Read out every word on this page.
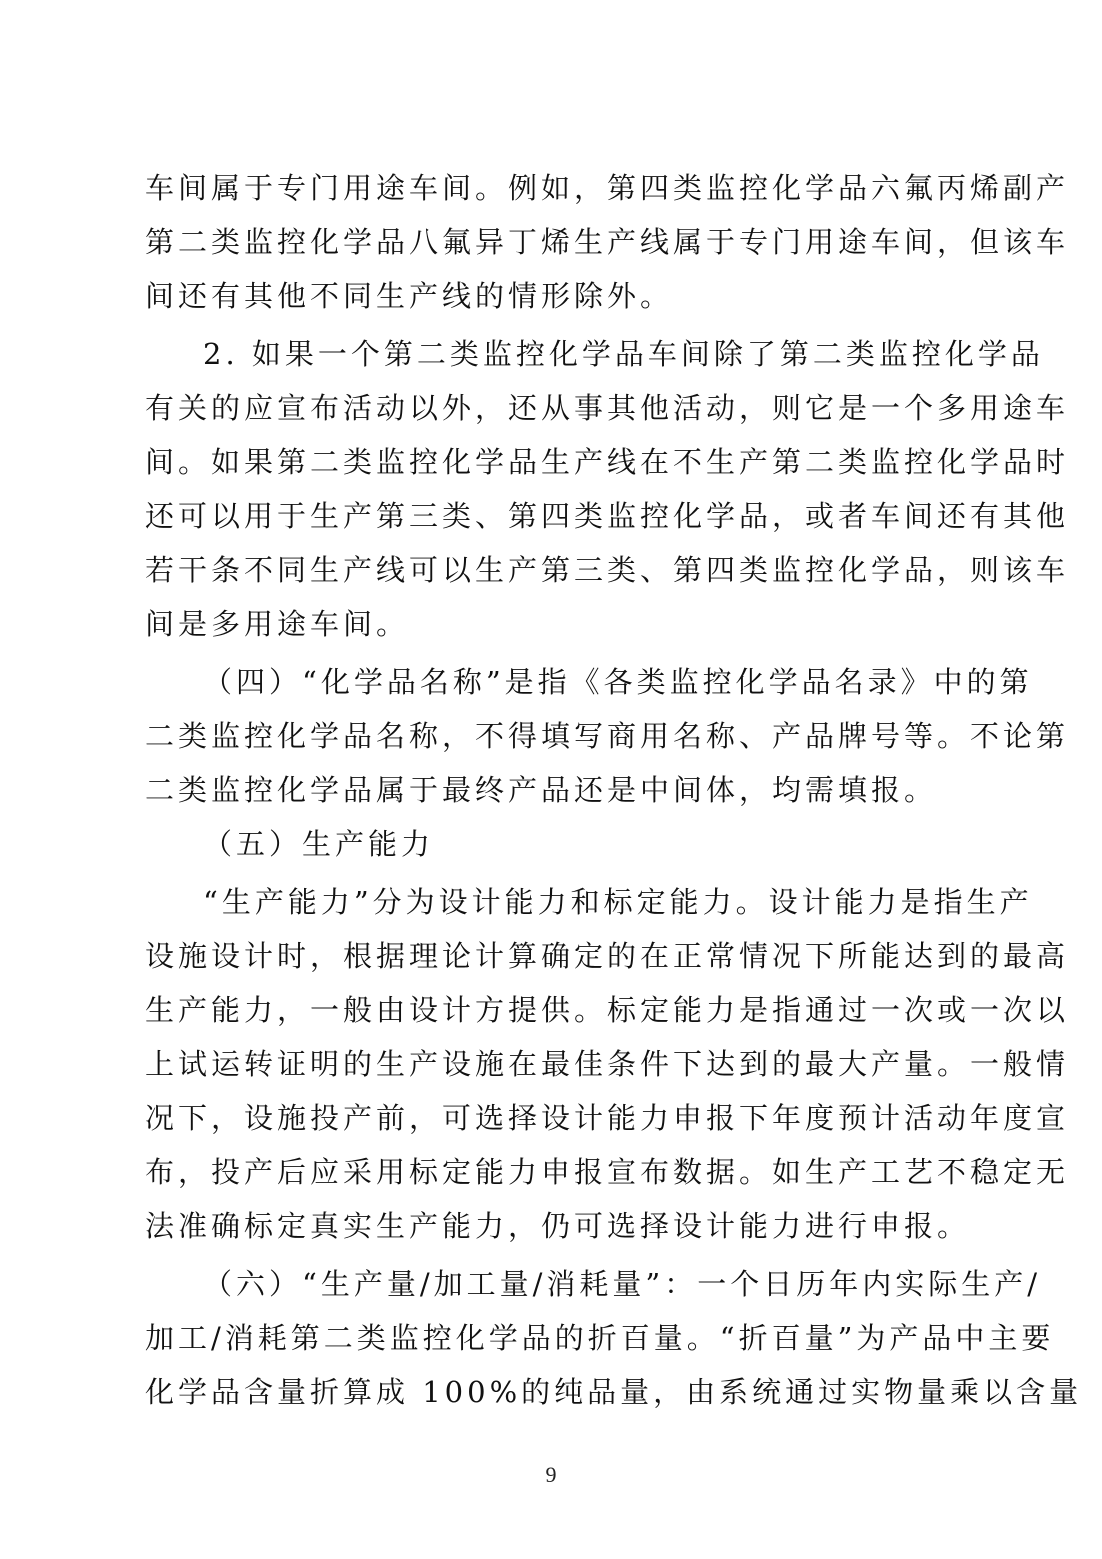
车间属于专门用途车间。例如，第四类监控化学品六氟丙烯副产
第二类监控化学品八氟异丁烯生产线属于专门用途车间，但该车
间还有其他不同生产线的情形除外。
2. 如果一个第二类监控化学品车间除了第二类监控化学品
有关的应宣布活动以外，还从事其他活动，则它是一个多用途车
间。如果第二类监控化学品生产线在不生产第二类监控化学品时
还可以用于生产第三类、第四类监控化学品，或者车间还有其他
若干条不同生产线可以生产第三类、第四类监控化学品，则该车
间是多用途车间。
（四）“化学品名称”是指《各类监控化学品名录》中的第
二类监控化学品名称，不得填写商用名称、产品牌号等。不论第
二类监控化学品属于最终产品还是中间体，均需填报。
（五）生产能力
“生产能力”分为设计能力和标定能力。设计能力是指生产
设施设计时，根据理论计算确定的在正常情况下所能达到的最高
生产能力，一般由设计方提供。标定能力是指通过一次或一次以
上试运转证明的生产设施在最佳条件下达到的最大产量。一般情
况下，设施投产前，可选择设计能力申报下年度预计活动年度宣
布，投产后应采用标定能力申报宣布数据。如生产工艺不稳定无
法准确标定真实生产能力，仍可选择设计能力进行申报。
（六）“生产量/加工量/消耗量”：一个日历年内实际生产/
加工/消耗第二类监控化学品的折百量。“折百量”为产品中主要
化学品含量折算成 100%的纯品量，由系统通过实物量乘以含量
9
